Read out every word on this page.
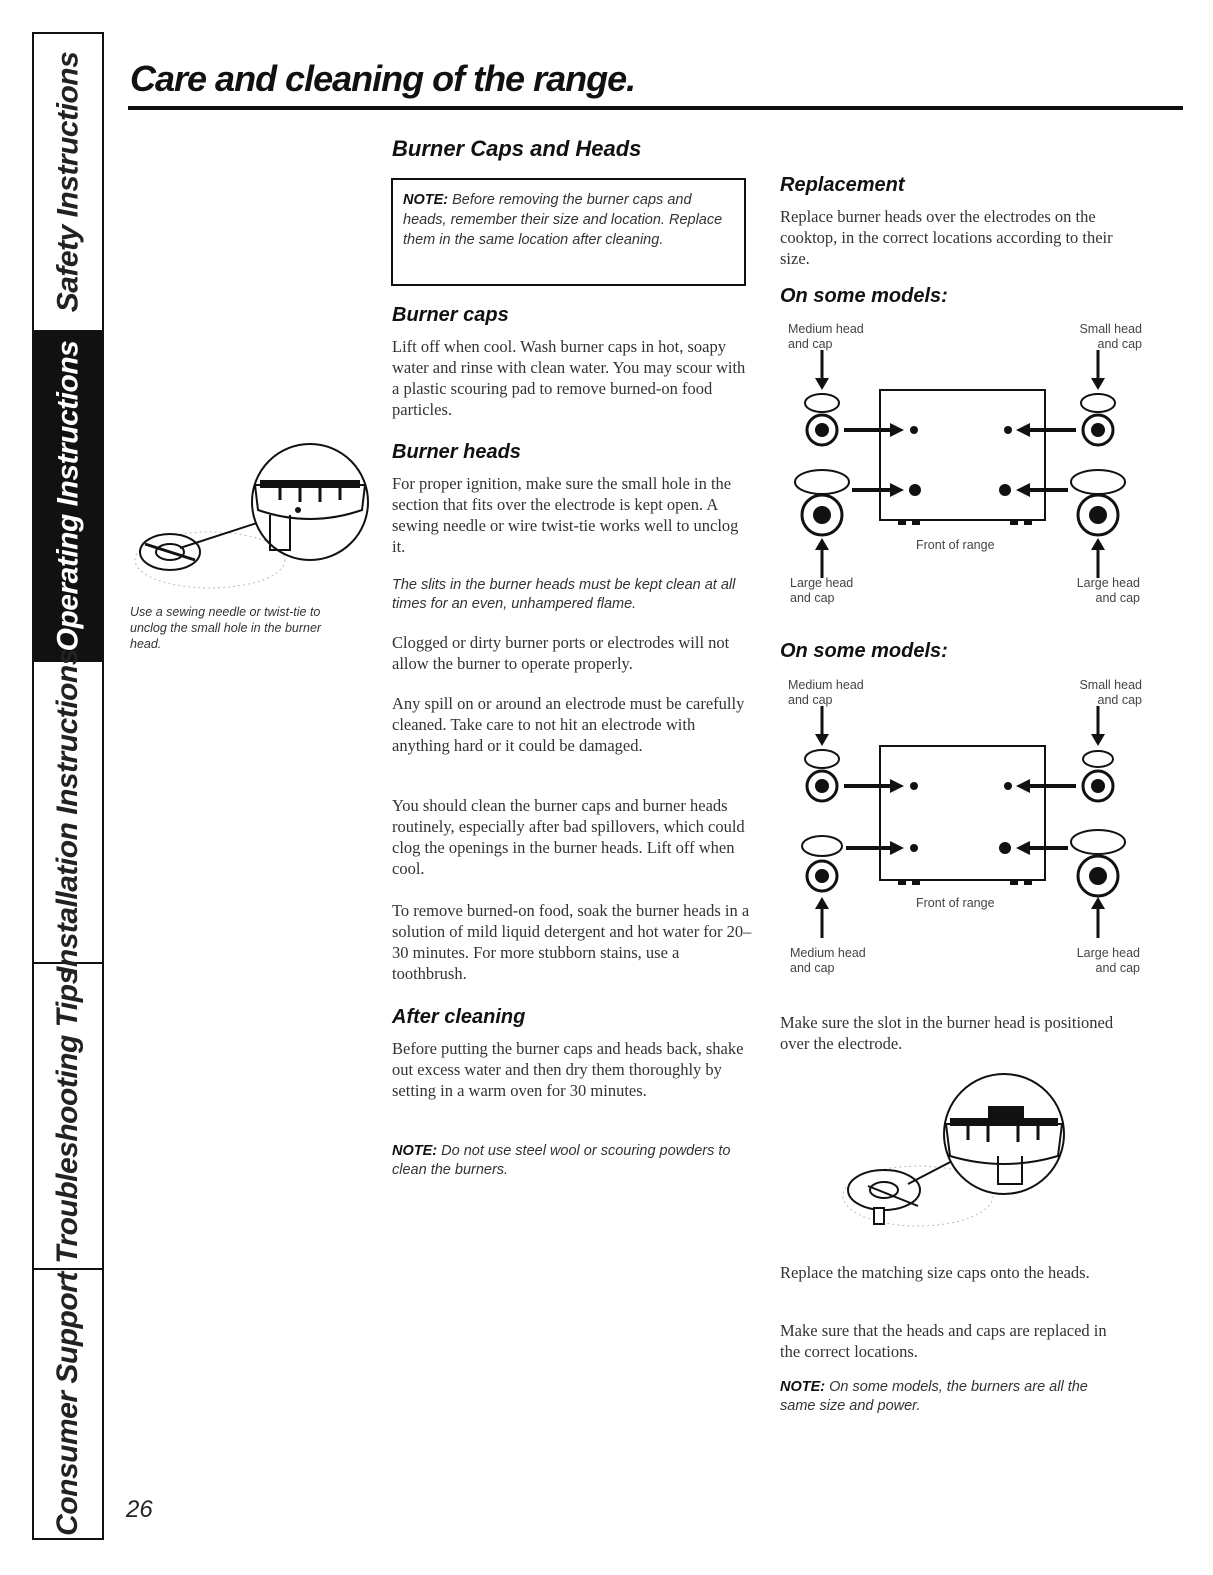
Safety Instructions
Operating Instructions
Installation Instructions
Troubleshooting Tips
Consumer Support
Care and cleaning of the range.
Use a sewing needle or twist-tie to unclog the small hole in the burner head.
Burner Caps and Heads
NOTE: Before removing the burner caps and heads, remember their size and location. Replace them in the same location after cleaning.
Burner caps

Lift off when cool. Wash burner caps in hot, soapy water and rinse with clean water. You may scour with a plastic scouring pad to remove burned-on food particles.

Burner heads

For proper ignition, make sure the small hole in the section that fits over the electrode is kept open. A sewing needle or wire twist-tie works well to unclog it.

The slits in the burner heads must be kept clean at all times for an even, unhampered flame.

Clogged or dirty burner ports or electrodes will not allow the burner to operate properly.

Any spill on or around an electrode must be carefully cleaned. Take care to not hit an electrode with anything hard or it could be damaged.

You should clean the burner caps and burner heads routinely, especially after bad spillovers, which could clog the openings in the burner heads. Lift off when cool.

To remove burned-on food, soak the burner heads in a solution of mild liquid detergent and hot water for 20–30 minutes. For more stubborn stains, use a toothbrush.

After cleaning

Before putting the burner caps and heads back, shake out excess water and then dry them thoroughly by setting in a warm oven for 30 minutes.

NOTE: Do not use steel wool or scouring powders to clean the burners.
Replacement

Replace burner heads over the electrodes on the cooktop, in the correct locations according to their size.

On some models:
Medium head and cap
Small head and cap
Front of range
Large head and cap
Large head and cap
On some models:
Medium head and cap
Small head and cap
Front of range
Medium head and cap
Large head and cap

Make sure the slot in the burner head is positioned over the electrode.

Replace the matching size caps onto the heads.

Make sure that the heads and caps are replaced in the correct locations.

NOTE: On some models, the burners are all the same size and power.
26
